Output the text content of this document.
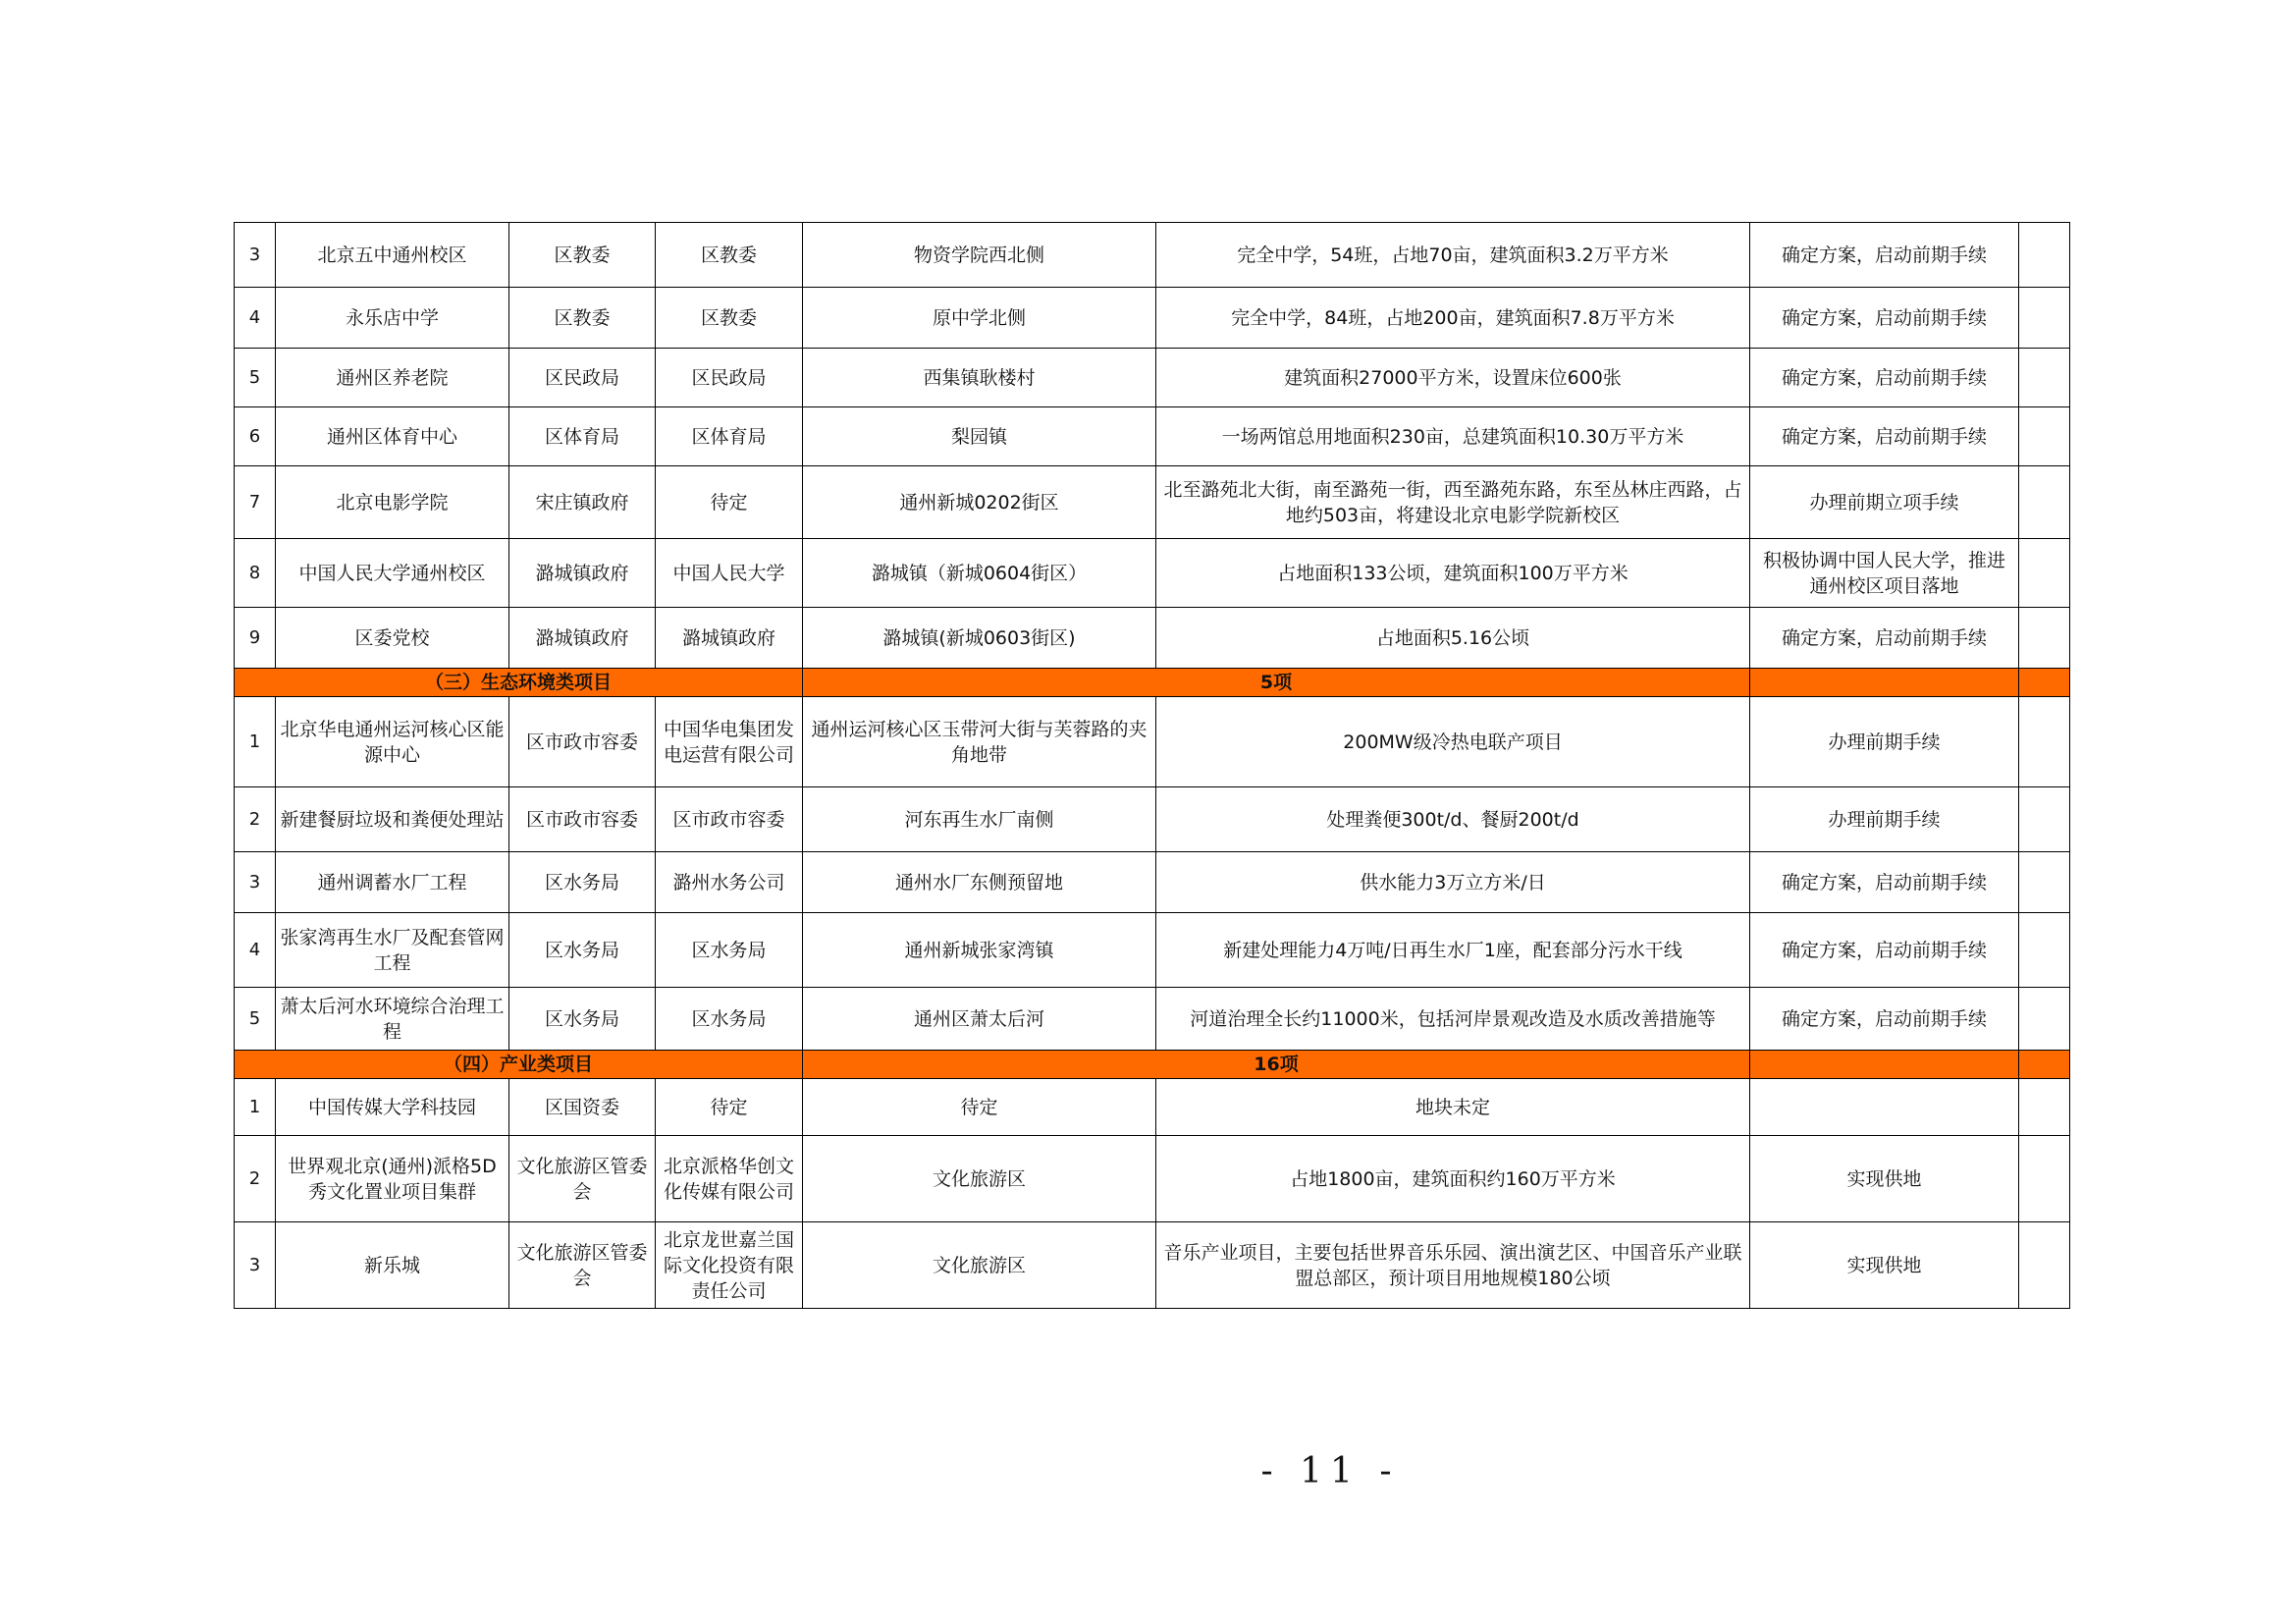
3	北京五中通州校区	区教委	区教委	物资学院西北侧	完全中学，54班，占地70亩，建筑面积3.2万平方米	确定方案，启动前期手续	
4	永乐店中学	区教委	区教委	原中学北侧	完全中学，84班，占地200亩，建筑面积7.8万平方米	确定方案，启动前期手续	
5	通州区养老院	区民政局	区民政局	西集镇耿楼村	建筑面积27000平方米，设置床位600张	确定方案，启动前期手续	
6	通州区体育中心	区体育局	区体育局	梨园镇	一场两馆总用地面积230亩，总建筑面积10.30万平方米	确定方案，启动前期手续	
7	北京电影学院	宋庄镇政府	待定	通州新城0202街区	北至潞苑北大街，南至潞苑一街，西至潞苑东路，东至丛林庄西路，占地约503亩，将建设北京电影学院新校区	办理前期立项手续	
8	中国人民大学通州校区	潞城镇政府	中国人民大学	潞城镇（新城0604街区）	占地面积133公顷，建筑面积100万平方米	积极协调中国人民大学，推进通州校区项目落地	
9	区委党校	潞城镇政府	潞城镇政府	潞城镇(新城0603街区)	占地面积5.16公顷	确定方案，启动前期手续	
（三）生态环境类项目				5项			
1	北京华电通州运河核心区能源中心	区市政市容委	中国华电集团发电运营有限公司	通州运河核心区玉带河大街与芙蓉路的夹角地带	200MW级冷热电联产项目	办理前期手续	
2	新建餐厨垃圾和粪便处理站	区市政市容委	区市政市容委	河东再生水厂南侧	处理粪便300t/d、餐厨200t/d	办理前期手续	
3	通州调蓄水厂工程	区水务局	潞州水务公司	通州水厂东侧预留地	供水能力3万立方米/日	确定方案，启动前期手续	
4	张家湾再生水厂及配套管网工程	区水务局	区水务局	通州新城张家湾镇	新建处理能力4万吨/日再生水厂1座，配套部分污水干线	确定方案，启动前期手续	
5	萧太后河水环境综合治理工程	区水务局	区水务局	通州区萧太后河	河道治理全长约11000米，包括河岸景观改造及水质改善措施等	确定方案，启动前期手续	
（四）产业类项目				16项			
1	中国传媒大学科技园	区国资委	待定	待定	地块未定		
2	世界观北京(通州)派格5D秀文化置业项目集群	文化旅游区管委会	北京派格华创文化传媒有限公司	文化旅游区	占地1800亩，建筑面积约160万平方米	实现供地	
3	新乐城	文化旅游区管委会	北京龙世嘉兰国际文化投资有限责任公司	文化旅游区	音乐产业项目，主要包括世界音乐乐园、演出演艺区、中国音乐产业联盟总部区，预计项目用地规模180公顷	实现供地	
- 11 -
